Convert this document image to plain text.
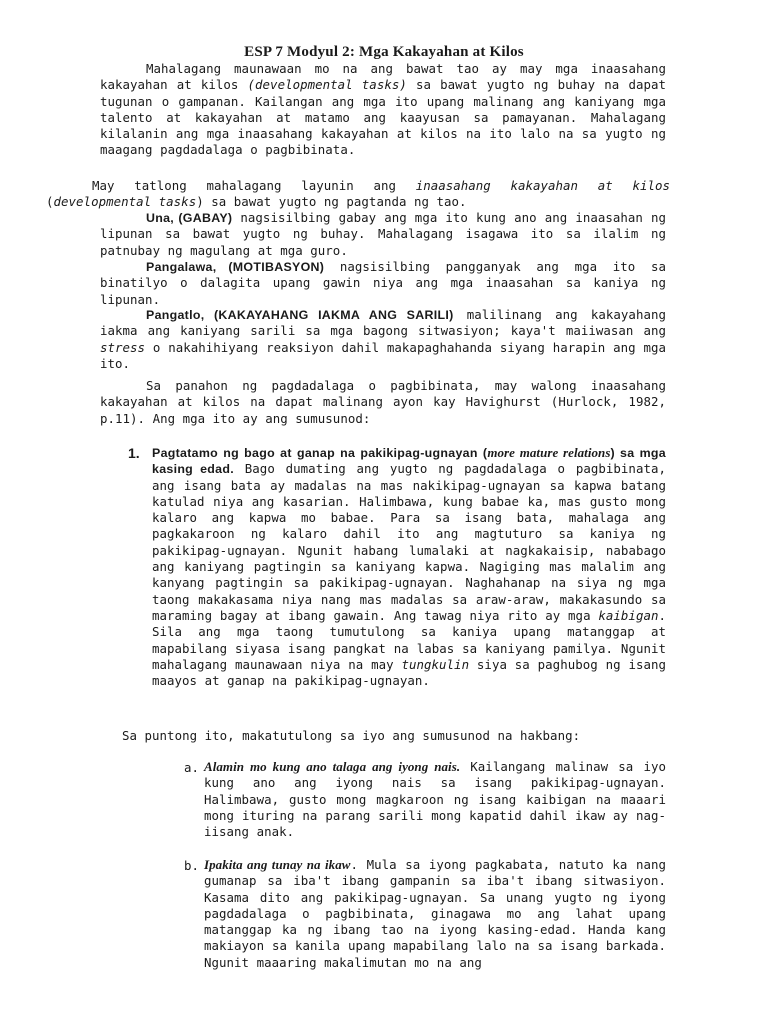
ESP 7 Modyul 2: Mga Kakayahan at Kilos
Mahalagang maunawaan mo na ang bawat tao ay may mga inaasahang kakayahan at kilos (developmental tasks) sa bawat yugto ng buhay na dapat tugunan o gampanan. Kailangan ang mga ito upang malinang ang kaniyang mga talento at kakayahan at matamo ang kaayusan sa pamayanan. Mahalagang kilalanin ang mga inaasahang kakayahan at kilos na ito lalo na sa yugto ng maagang pagdadalaga o pagbibinata.
May tatlong mahalagang layunin ang inaasahang kakayahan at kilos (developmental tasks) sa bawat yugto ng pagtanda ng tao.
Una, (GABAY) nagsisilbing gabay ang mga ito kung ano ang inaasahan ng lipunan sa bawat yugto ng buhay. Mahalagang isagawa ito sa ilalim ng patnubay ng magulang at mga guro.
Pangalawa, (MOTIBASYON) nagsisilbing pangganyak ang mga ito sa binatilyo o dalagita upang gawin niya ang mga inaasahan sa kaniya ng lipunan.
Pangatlo, (KAKAYAHANG IAKMA ANG SARILI) malilinang ang kakayahang iakma ang kaniyang sarili sa mga bagong sitwasiyon; kaya't maiiwasan ang stress o nakahihiyang reaksiyon dahil makapaghahanda siyang harapin ang mga ito.
Sa panahon ng pagdadalaga o pagbibinata, may walong inaasahang kakayahan at kilos na dapat malinang ayon kay Havighurst (Hurlock, 1982, p.11). Ang mga ito ay ang sumusunod:
1. Pagtatamo ng bago at ganap na pakikipag-ugnayan (more mature relations) sa mga kasing edad. Bago dumating ang yugto ng pagdadalaga o pagbibinata, ang isang bata ay madalas na mas nakikipag-ugnayan sa kapwa batang katulad niya ang kasarian. Halimbawa, kung babae ka, mas gusto mong kalaro ang kapwa mo babae. Para sa isang bata, mahalaga ang pagkakaroon ng kalaro dahil ito ang magtuturo sa kaniya ng pakikipag-ugnayan. Ngunit habang lumalaki at nagkakaisip, nababago ang kaniyang pagtingin sa kaniyang kapwa. Nagiging mas malalim ang kanyang pagtingin sa pakikipag-ugnayan. Naghahanap na siya ng mga taong makakasama niya nang mas madalas sa araw-araw, makakasundo sa maraming bagay at ibang gawain. Ang tawag niya rito ay mga kaibigan. Sila ang mga taong tumutulong sa kaniya upang matanggap at mapabilang siyasa isang pangkat na labas sa kaniyang pamilya. Ngunit mahalagang maunawaan niya na may tungkulin siya sa paghubog ng isang maayos at ganap na pakikipag-ugnayan.
Sa puntong ito, makatutulong sa iyo ang sumusunod na hakbang:
a. Alamin mo kung ano talaga ang iyong nais. Kailangang malinaw sa iyo kung ano ang iyong nais sa isang pakikipag-ugnayan. Halimbawa, gusto mong magkaroon ng isang kaibigan na maaari mong ituring na parang sarili mong kapatid dahil ikaw ay nag-iisang anak.
b. Ipakita ang tunay na ikaw. Mula sa iyong pagkabata, natuto ka nang gumanap sa iba't ibang gampanin sa iba't ibang sitwasiyon. Kasama dito ang pakikipag-ugnayan. Sa unang yugto ng iyong pagdadalaga o pagbibinata, ginagawa mo ang lahat upang matanggap ka ng ibang tao na iyong kasing-edad. Handa kang makiayon sa kanila upang mapabilang lalo na sa isang barkada. Ngunit maaaring makalimutan mo na ang
